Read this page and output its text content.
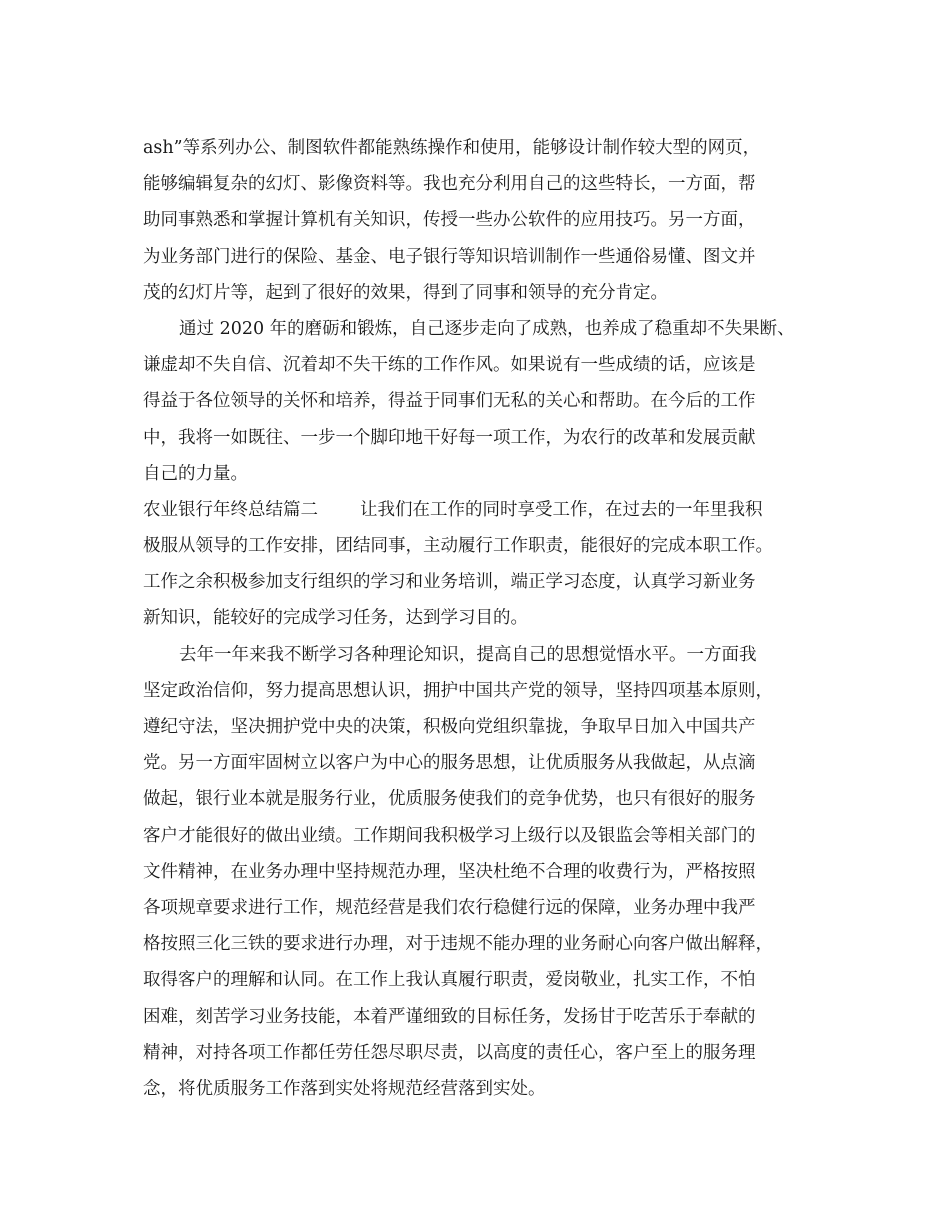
ash”等系列办公、制图软件都能熟练操作和使用，能够设计制作较大型的网页，
能够编辑复杂的幻灯、影像资料等。我也充分利用自己的这些特长，一方面，帮
助同事熟悉和掌握计算机有关知识，传授一些办公软件的应用技巧。另一方面，
为业务部门进行的保险、基金、电子银行等知识培训制作一些通俗易懂、图文并
茂的幻灯片等，起到了很好的效果，得到了同事和领导的充分肯定。
通过 2020 年的磨砺和锻炼，自己逐步走向了成熟，也养成了稳重却不失果断、
谦虚却不失自信、沉着却不失干练的工作作风。如果说有一些成绩的话，应该是
得益于各位领导的关怀和培养，得益于同事们无私的关心和帮助。在今后的工作
中，我将一如既往、一步一个脚印地干好每一项工作，为农行的改革和发展贡献
自己的力量。
农业银行年终总结篇二 让我们在工作的同时享受工作，在过去的一年里我积
极服从领导的工作安排，团结同事，主动履行工作职责，能很好的完成本职工作。
工作之余积极参加支行组织的学习和业务培训，端正学习态度，认真学习新业务
新知识，能较好的完成学习任务，达到学习目的。
去年一年来我不断学习各种理论知识，提高自己的思想觉悟水平。一方面我
坚定政治信仰，努力提高思想认识，拥护中国共产党的领导，坚持四项基本原则，
遵纪守法，坚决拥护党中央的决策，积极向党组织靠拢，争取早日加入中国共产
党。另一方面牢固树立以客户为中心的服务思想，让优质服务从我做起，从点滴
做起，银行业本就是服务行业，优质服务使我们的竞争优势，也只有很好的服务
客户才能很好的做出业绩。工作期间我积极学习上级行以及银监会等相关部门的
文件精神，在业务办理中坚持规范办理，坚决杜绝不合理的收费行为，严格按照
各项规章要求进行工作，规范经营是我们农行稳健行远的保障，业务办理中我严
格按照三化三铁的要求进行办理，对于违规不能办理的业务耐心向客户做出解释，
取得客户的理解和认同。在工作上我认真履行职责，爱岗敬业，扎实工作，不怕
困难，刻苦学习业务技能，本着严谨细致的目标任务，发扬甘于吃苦乐于奉献的
精神，对持各项工作都任劳任怨尽职尽责，以高度的责任心，客户至上的服务理
念，将优质服务工作落到实处将规范经营落到实处。
